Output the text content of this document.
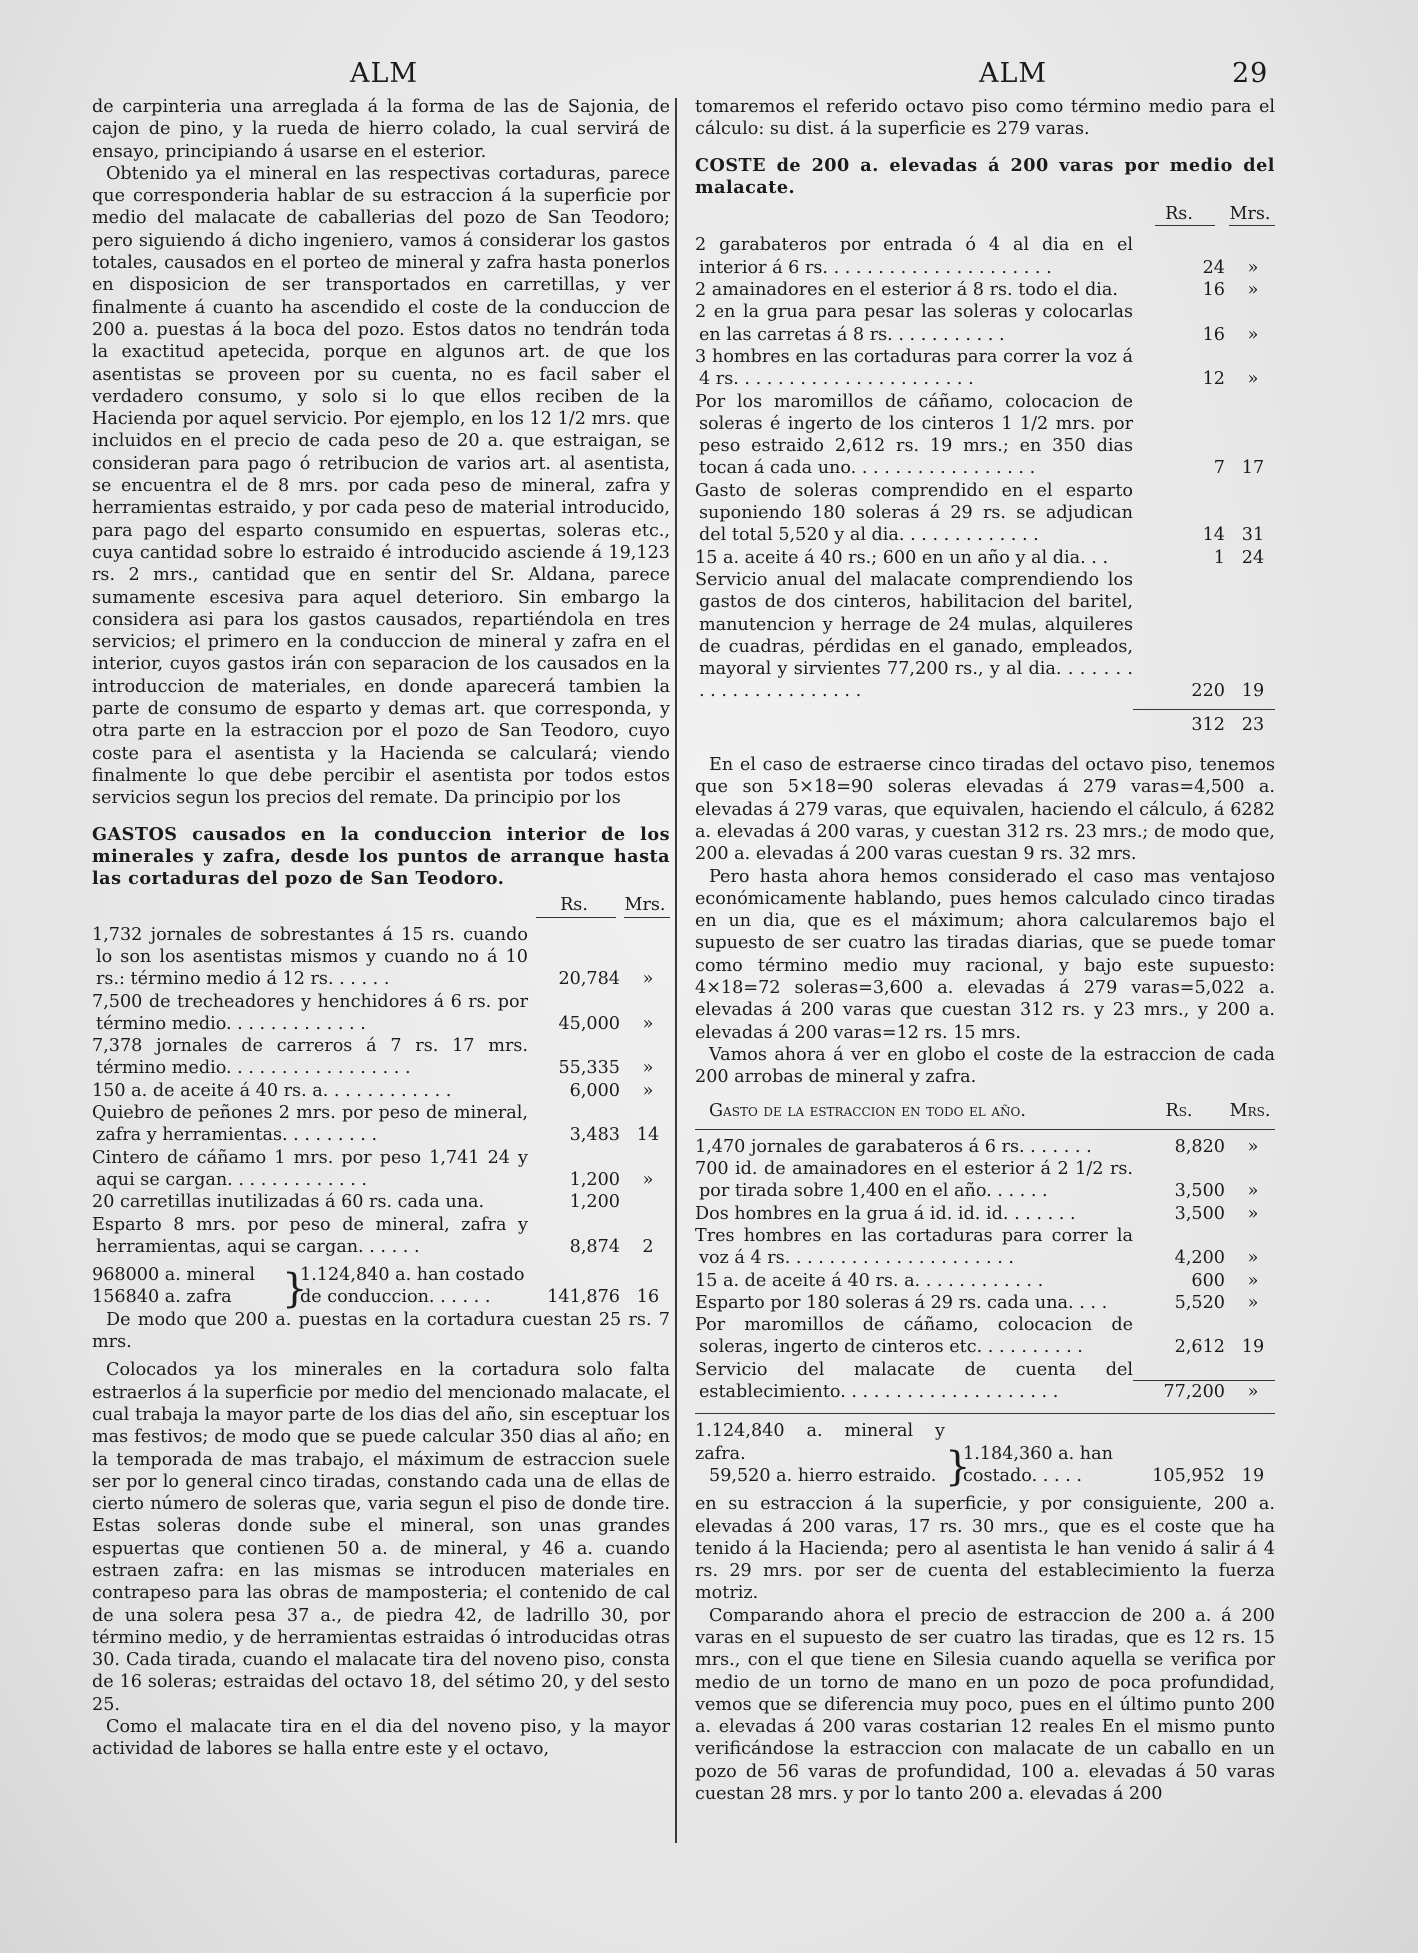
ALM	ALM	29

de carpinteria una arreglada á la forma de las de Sajonia, de cajon de pino, y la rueda de hierro colado, la cual servirá de ensayo, principiando á usarse en el esterior.

Obtenido ya el mineral en las respectivas cortaduras, parece que corresponderia hablar de su estraccion á la superficie por medio del malacate de caballerias del pozo de San Teodoro; pero siguiendo á dicho ingeniero, vamos á considerar los gastos totales, causados en el porteo de mineral y zafra hasta ponerlos en disposicion de ser transportados en carretillas, y ver finalmente á cuanto ha ascendido el coste de la conduccion de 200 a. puestas á la boca del pozo. Estos datos no tendrán toda la exactitud apetecida, porque en algunos art. de que los asentistas se proveen por su cuenta, no es facil saber el verdadero consumo, y solo si lo que ellos reciben de la Hacienda por aquel servicio. Por ejemplo, en los 12 1/2 mrs. que incluidos en el precio de cada peso de 20 a. que estraigan, se consideran para pago ó retribucion de varios art. al asentista, se encuentra el de 8 mrs. por cada peso de mineral, zafra y herramientas estraido, y por cada peso de material introducido, para pago del esparto consumido en espuertas, soleras etc., cuya cantidad sobre lo estraido é introducido asciende á 19,123 rs. 2 mrs., cantidad que en sentir del Sr. Aldana, parece sumamente escesiva para aquel deterioro. Sin embargo la considera asi para los gastos causados, repartiéndola en tres servicios; el primero en la conduccion de mineral y zafra en el interior, cuyos gastos irán con separacion de los causados en la introduccion de materiales, en donde aparecerá tambien la parte de consumo de esparto y demas art. que corresponda, y otra parte en la estraccion por el pozo de San Teodoro, cuyo coste para el asentista y la Hacienda se calculará; viendo finalmente lo que debe percibir el asentista por todos estos servicios segun los precios del remate. Da principio por los

GASTOS causados en la conduccion interior de los minerales y zafra, desde los puntos de arranque hasta las cortaduras del pozo de San Teodoro.

Rs.	Mrs.
1,732 jornales de sobrestantes á 15 rs. cuando lo son los asentistas mismos y cuando no á 10 rs.: término medio á 12 rs. . . . . .	20,784	»
7,500 de trecheadores y henchidores á 6 rs. por término medio. . . . . . . . . . . . .	45,000	»
7,378 jornales de carreros á 7 rs. 17 mrs. término medio. . . . . . . . . . . . . . . . .	55,335	»
150 a. de aceite á 40 rs. a. . . . . . . . . . . .	6,000	»
Quiebro de peñones 2 mrs. por peso de mineral, zafra y herramientas. . . . . . . . .	3,483 14
Cintero de cáñamo 1 mrs. por peso 1,741 24 y aqui se cargan. . . . . . . . . . . . .	1,200	»
20 carretillas inutilizadas á 60 rs. cada una.	1,200
Esparto 8 mrs. por peso de mineral, zafra y herramientas, aqui se cargan. . . . . .	8,874	2
968000 a. mineral
156840 a. zafra	}
1.124,840 a. han costado
de conduccion. . . . . .	141,876 16

De modo que 200 a. puestas en la cortadura cuestan 25 rs. 7 mrs.

Colocados ya los minerales en la cortadura solo falta estraerlos á la superficie por medio del mencionado malacate, el cual trabaja la mayor parte de los dias del año, sin esceptuar los mas festivos; de modo que se puede calcular 350 dias al año; en la temporada de mas trabajo, el máximum de estraccion suele ser por lo general cinco tiradas, constando cada una de ellas de cierto número de soleras que, varia segun el piso de donde tire. Estas soleras donde sube el mineral, son unas grandes espuertas que contienen 50 a. de mineral, y 46 a. cuando estraen zafra: en las mismas se introducen materiales en contrapeso para las obras de mamposteria; el contenido de cal de una solera pesa 37 a., de piedra 42, de ladrillo 30, por término medio, y de herramientas estraidas ó introducidas otras 30. Cada tirada, cuando el malacate tira del noveno piso, consta de 16 soleras; estraidas del octavo 18, del sétimo 20, y del sesto 25.

Como el malacate tira en el dia del noveno piso, y la mayor actividad de labores se halla entre este y el octavo,

tomaremos el referido octavo piso como término medio para el cálculo: su dist. á la superficie es 279 varas.

COSTE de 200 a. elevadas á 200 varas por medio del malacate.

Rs.	Mrs.
2 garabateros por entrada ó 4 al dia en el interior á 6 rs. . . . . . . . . . . . . . . . . . . . .	24	»
2 amainadores en el esterior á 8 rs. todo el dia.	16	»
2 en la grua para pesar las soleras y colocarlas en las carretas á 8 rs. . . . . . . . . . .	16	»
3 hombres en las cortaduras para correr la voz á 4 rs. . . . . . . . . . . . . . . . . . . . . .	12	»
Por los maromillos de cáñamo, colocacion de soleras é ingerto de los cinteros 1 1/2 mrs. por peso estraido 2,612 rs. 19 mrs.; en 350 dias tocan á cada uno. . . . . . . . . . . . . . . . .	7 17
Gasto de soleras comprendido en el esparto suponiendo 180 soleras á 29 rs. se adjudican del total 5,520 y al dia. . . . . . . . . . . . .	14 31
15 a. aceite á 40 rs.; 600 en un año y al dia. . .	1 24
Servicio anual del malacate comprendiendo los gastos de dos cinteros, habilitacion del baritel, manutencion y herrage de 24 mulas, alquileres de cuadras, pérdidas en el ganado, empleados, mayoral y sirvientes 77,200 rs., y al dia. . . . . . . . . . . . . . . . . . . . . .	220 19
312 23

En el caso de estraerse cinco tiradas del octavo piso, tenemos que son 5×18=90 soleras elevadas á 279 varas=4,500 a. elevadas á 279 varas, que equivalen, haciendo el cálculo, á 6282 a. elevadas á 200 varas, y cuestan 312 rs. 23 mrs.; de modo que, 200 a. elevadas á 200 varas cuestan 9 rs. 32 mrs.

Pero hasta ahora hemos considerado el caso mas ventajoso económicamente hablando, pues hemos calculado cinco tiradas en un dia, que es el máximum; ahora calcularemos bajo el supuesto de ser cuatro las tiradas diarias, que se puede tomar como término medio muy racional, y bajo este supuesto: 4×18=72 soleras=3,600 a. elevadas á 279 varas=5,022 a. elevadas á 200 varas que cuestan 312 rs. y 23 mrs., y 200 a. elevadas á 200 varas=12 rs. 15 mrs.

Vamos ahora á ver en globo el coste de la estraccion de cada 200 arrobas de mineral y zafra.

Gasto de la estraccion en todo el año.	Rs.	Mrs.
1,470 jornales de garabateros á 6 rs. . . . . . .	8,820	»
700 id. de amainadores en el esterior á 2 1/2 rs. por tirada sobre 1,400 en el año. . . . . .	3,500	»
Dos hombres en la grua á id. id. id. . . . . . .	3,500	»
Tres hombres en las cortaduras para correr la voz á 4 rs. . . . . . . . . . . . . . . . . . . . .	4,200	»
15 a. de aceite á 40 rs. a. . . . . . . . . . . .	600	»
Esparto por 180 soleras á 29 rs. cada una. . . .	5,520	»
Por maromillos de cáñamo, colocacion de soleras, ingerto de cinteros etc. . . . . . . . . .	2,612 19
Servicio del malacate de cuenta del establecimiento. . . . . . . . . . . . . . . . . . . .	77,200	»
1.124,840 a. mineral y zafra.
59,520 a. hierro estraido. }
1.184,360 a. han
costado. . . . .	105,952 19

en su estraccion á la superficie, y por consiguiente, 200 a. elevadas á 200 varas, 17 rs. 30 mrs., que es el coste que ha tenido á la Hacienda; pero al asentista le han venido á salir á 4 rs. 29 mrs. por ser de cuenta del establecimiento la fuerza motriz.

Comparando ahora el precio de estraccion de 200 a. á 200 varas en el supuesto de ser cuatro las tiradas, que es 12 rs. 15 mrs., con el que tiene en Silesia cuando aquella se verifica por medio de un torno de mano en un pozo de poca profundidad, vemos que se diferencia muy poco, pues en el último punto 200 a. elevadas á 200 varas costarian 12 reales En el mismo punto verificándose la estraccion con malacate de un caballo en un pozo de 56 varas de profundidad, 100 a. elevadas á 50 varas cuestan 28 mrs. y por lo tanto 200 a. elevadas á 200
